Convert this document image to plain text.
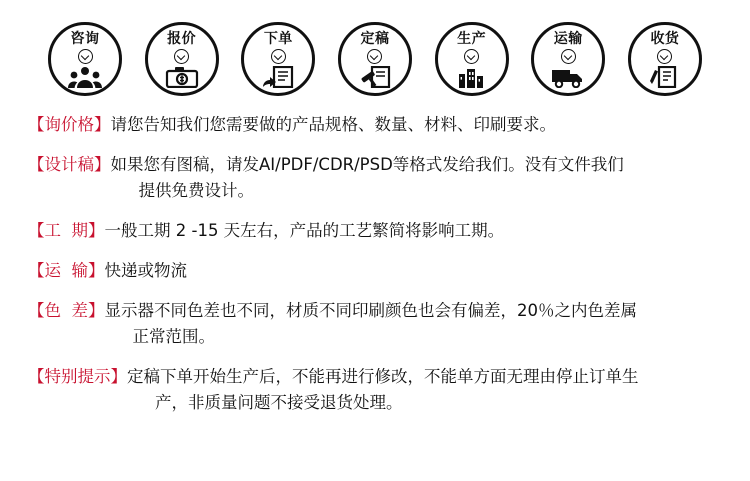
咨询	报价	下单	定稿	生产	运输	收货
【询价格】 请您告知我们您需要做的产品规格、数量、材料、印刷要求。
【设计稿】 如果您有图稿，请发AI/PDF/CDR/PSD等格式发给我们。没有文件我们
提供免费设计。
【工  期】 一般工期 2 -15 天左右，产品的工艺繁简将影响工期。
【运  输】 快递或物流
【色  差】 显示器不同色差也不同，材质不同印刷颜色也会有偏差，20％之内色差属
正常范围。
【特别提示】 定稿下单开始生产后，不能再进行修改，不能单方面无理由停止订单生
产，非质量问题不接受退货处理。
